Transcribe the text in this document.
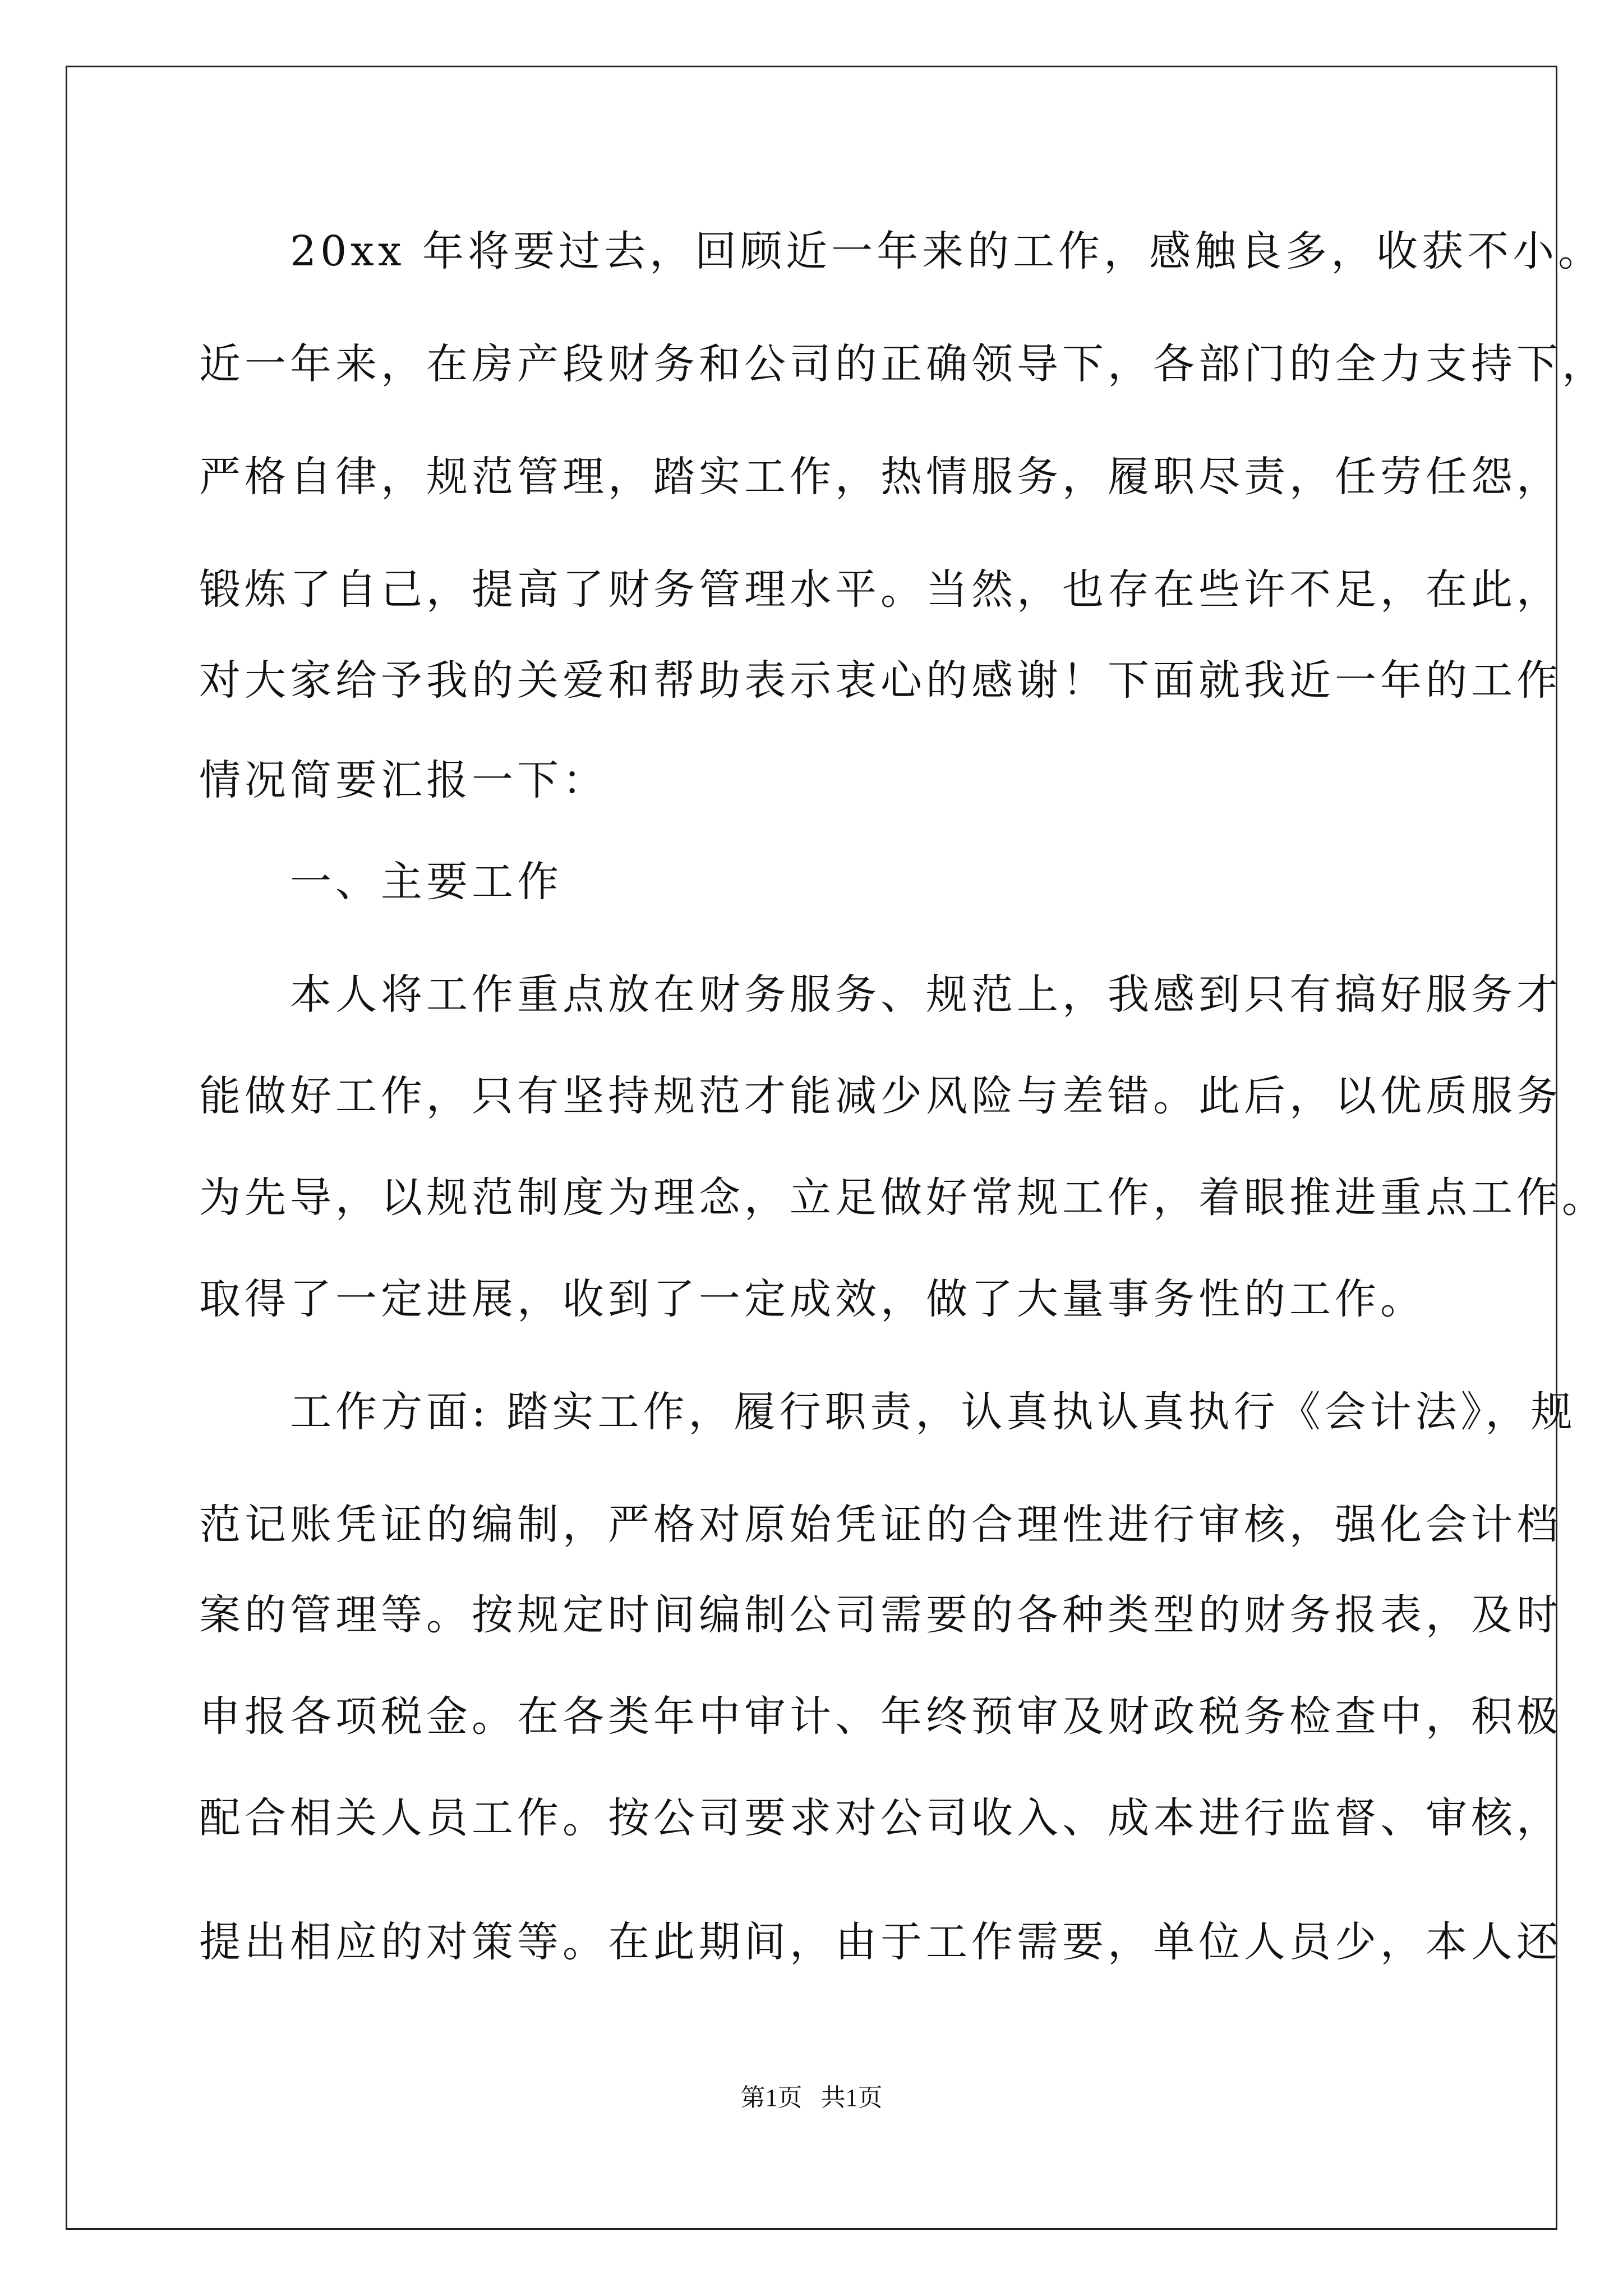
　　20xx 年将要过去，回顾近一年来的工作，感触良多，收获不小。
近一年来，在房产段财务和公司的正确领导下，各部门的全力支持下，
严格自律，规范管理，踏实工作，热情服务，履职尽责，任劳任怨，
锻炼了自己，提高了财务管理水平。当然，也存在些许不足，在此，
对大家给予我的关爱和帮助表示衷心的感谢！下面就我近一年的工作
情况简要汇报一下：
　　一、主要工作
　　本人将工作重点放在财务服务、规范上，我感到只有搞好服务才
能做好工作，只有坚持规范才能减少风险与差错。此后，以优质服务
为先导，以规范制度为理念，立足做好常规工作，着眼推进重点工作。
取得了一定进展，收到了一定成效，做了大量事务性的工作。
　　工作方面: 踏实工作，履行职责，认真执认真执行《会计法》，规
范记账凭证的编制，严格对原始凭证的合理性进行审核，强化会计档
案的管理等。按规定时间编制公司需要的各种类型的财务报表，及时
申报各项税金。在各类年中审计、年终预审及财政税务检查中，积极
配合相关人员工作。按公司要求对公司收入、成本进行监督、审核，
提出相应的对策等。在此期间，由于工作需要，单位人员少，本人还
第1页   共1页
